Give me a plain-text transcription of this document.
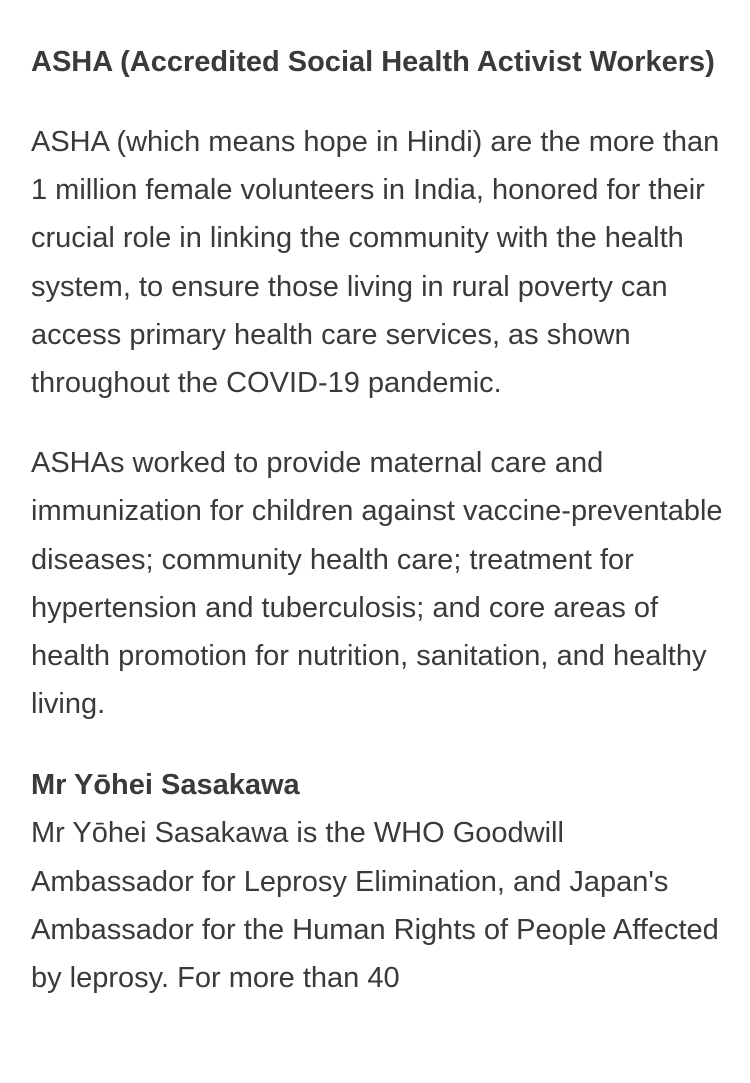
ASHA (Accredited Social Health Activist Workers)

ASHA (which means hope in Hindi) are the more than 1 million female volunteers in India, honored for their crucial role in linking the community with the health system, to ensure those living in rural poverty can access primary health care services, as shown throughout the COVID-19 pandemic.

ASHAs worked to provide maternal care and immunization for children against vaccine-preventable diseases; community health care; treatment for hypertension and tuberculosis; and core areas of health promotion for nutrition, sanitation, and healthy living.

Mr Yōhei Sasakawa

Mr Yōhei Sasakawa is the WHO Goodwill Ambassador for Leprosy Elimination, and Japan's Ambassador for the Human Rights of People Affected by leprosy. For more than 40
